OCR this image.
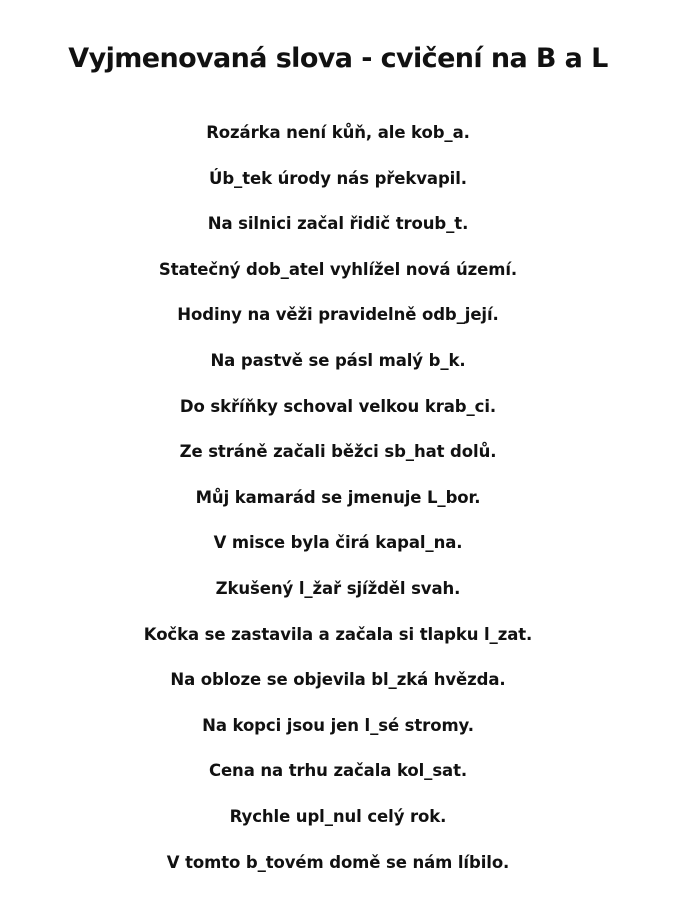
Vyjmenovaná slova - cvičení na B a L
Rozárka není kůň, ale kob_a.
Úb_tek úrody nás překvapil.
Na silnici začal řidič troub_t.
Statečný dob_atel vyhlížel nová území.
Hodiny na věži pravidelně odb_její.
Na pastvě se pásl malý b_k.
Do skříňky schoval velkou krab_ci.
Ze stráně začali běžci sb_hat dolů.
Můj kamarád se jmenuje L_bor.
V misce byla čirá kapal_na.
Zkušený l_žař sjížděl svah.
Kočka se zastavila a začala si tlapku l_zat.
Na obloze se objevila bl_zká hvězda.
Na kopci jsou jen l_sé stromy.
Cena na trhu začala kol_sat.
Rychle upl_nul celý rok.
V tomto b_tovém domě se nám líbilo.
